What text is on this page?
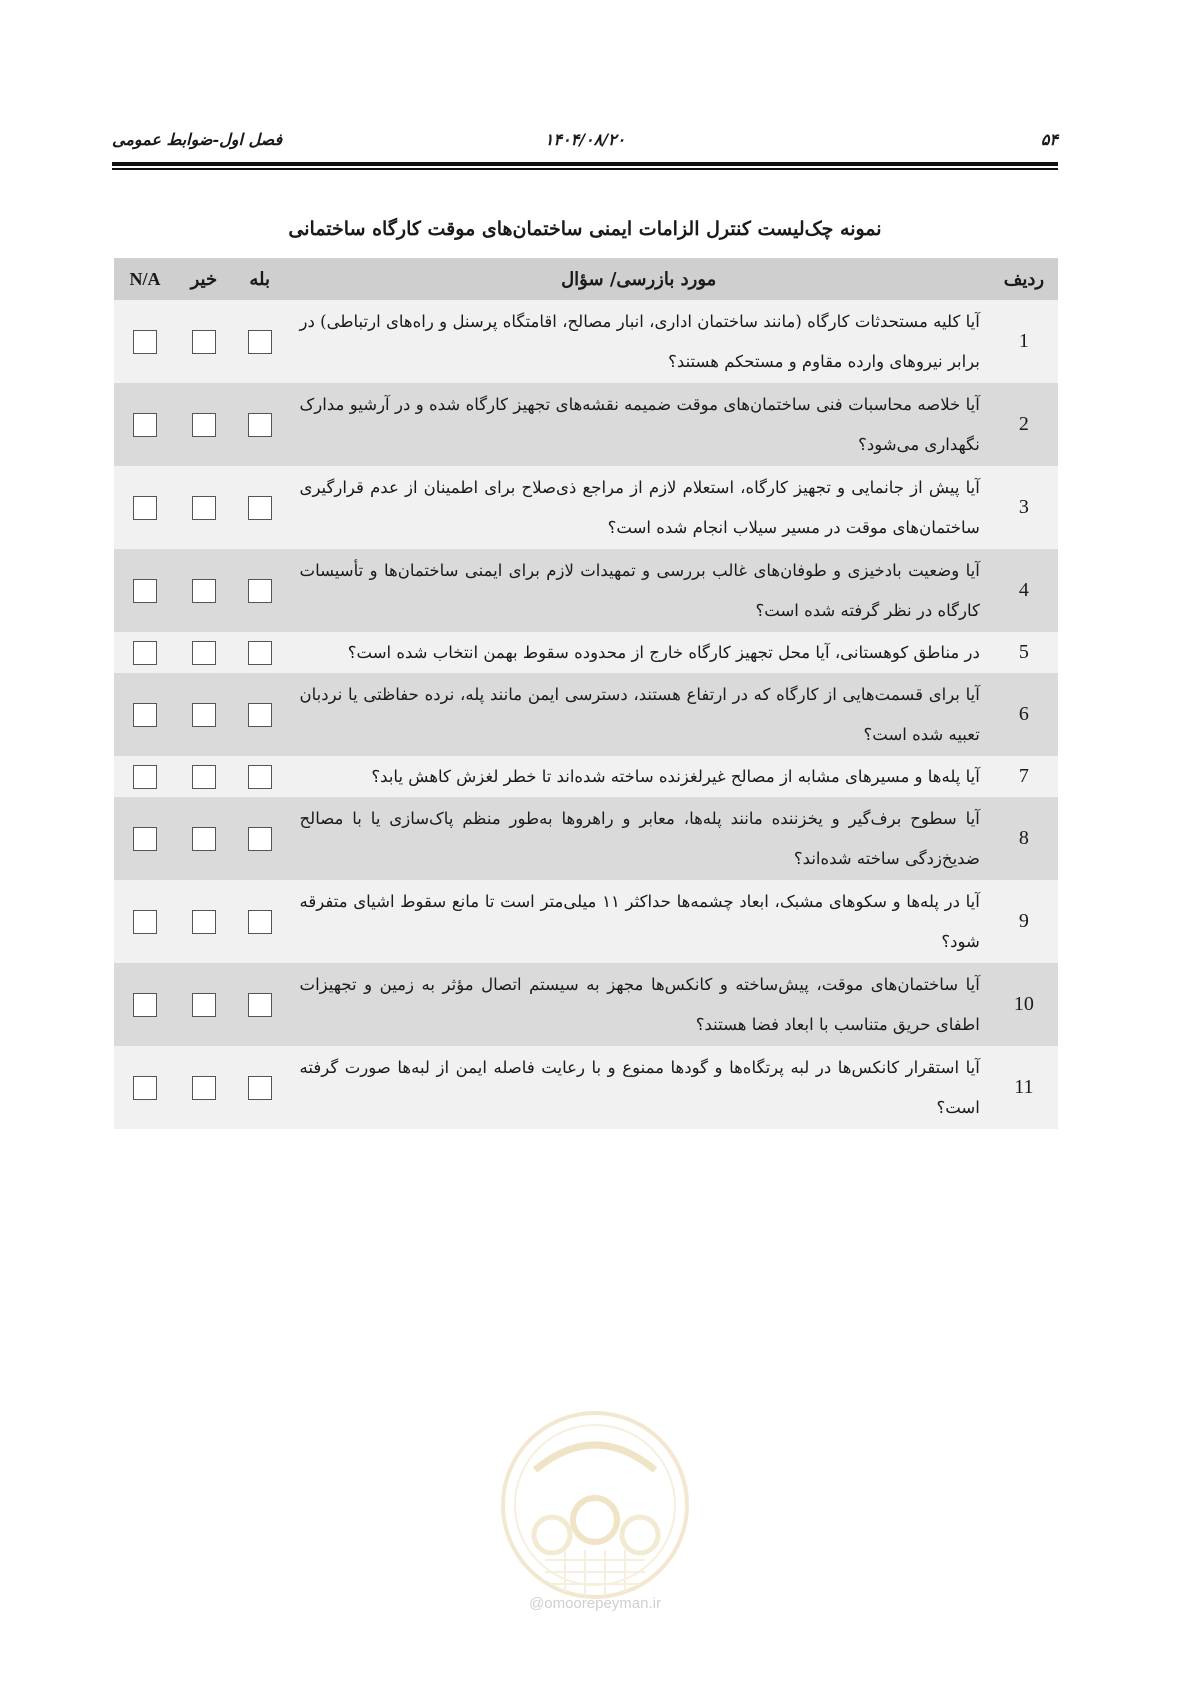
۵۴
۱۴۰۴/۰۸/۲۰
فصل اول-ضوابط عمومی
نمونه چک‌لیست کنترل الزامات ایمنی ساختمان‌های موقت کارگاه ساختمانی
ردیف	مورد بازرسی/ سؤال	بله	خیر	N/A
1	آیا کلیه مستحدثات کارگاه (مانند ساختمان اداری، انبار مصالح، اقامتگاه پرسنل و راه‌های ارتباطی) در برابر نیروهای وارده مقاوم و مستحکم هستند؟			
2	آیا خلاصه محاسبات فنی ساختمان‌های موقت ضمیمه نقشه‌های تجهیز کارگاه شده و در آرشیو مدارک نگهداری می‌شود؟			
3	آیا پیش از جانمایی و تجهیز کارگاه، استعلام لازم از مراجع ذی‌صلاح برای اطمینان از عدم قرارگیری ساختمان‌های موقت در مسیر سیلاب انجام شده است؟			
4	آیا وضعیت بادخیزی و طوفان‌های غالب بررسی و تمهیدات لازم برای ایمنی ساختمان‌ها و تأسیسات کارگاه در نظر گرفته شده است؟			
5	در مناطق کوهستانی، آیا محل تجهیز کارگاه خارج از محدوده سقوط بهمن انتخاب شده است؟			
6	آیا برای قسمت‌هایی از کارگاه که در ارتفاع هستند، دسترسی ایمن مانند پله، نرده حفاظتی یا نردبان تعبیه شده است؟			
7	آیا پله‌ها و مسیرهای مشابه از مصالح غیرلغزنده ساخته شده‌اند تا خطر لغزش کاهش یابد؟			
8	آیا سطوح برف‌گیر و یخزننده مانند پله‌ها، معابر و راهروها به‌طور منظم پاک‌سازی یا با مصالح ضدیخ‌زدگی ساخته شده‌اند؟			
9	آیا در پله‌ها و سکوهای مشبک، ابعاد چشمه‌ها حداکثر ۱۱ میلی‌متر است تا مانع سقوط اشیای متفرقه شود؟			
10	آیا ساختمان‌های موقت، پیش‌ساخته و کانکس‌ها مجهز به سیستم اتصال مؤثر به زمین و تجهیزات اطفای حریق متناسب با ابعاد فضا هستند؟			
11	آیا استقرار کانکس‌ها در لبه پرتگاه‌ها و گودها ممنوع و با رعایت فاصله ایمن از لبه‌ها صورت گرفته است؟			
@omoorepeyman.ir
